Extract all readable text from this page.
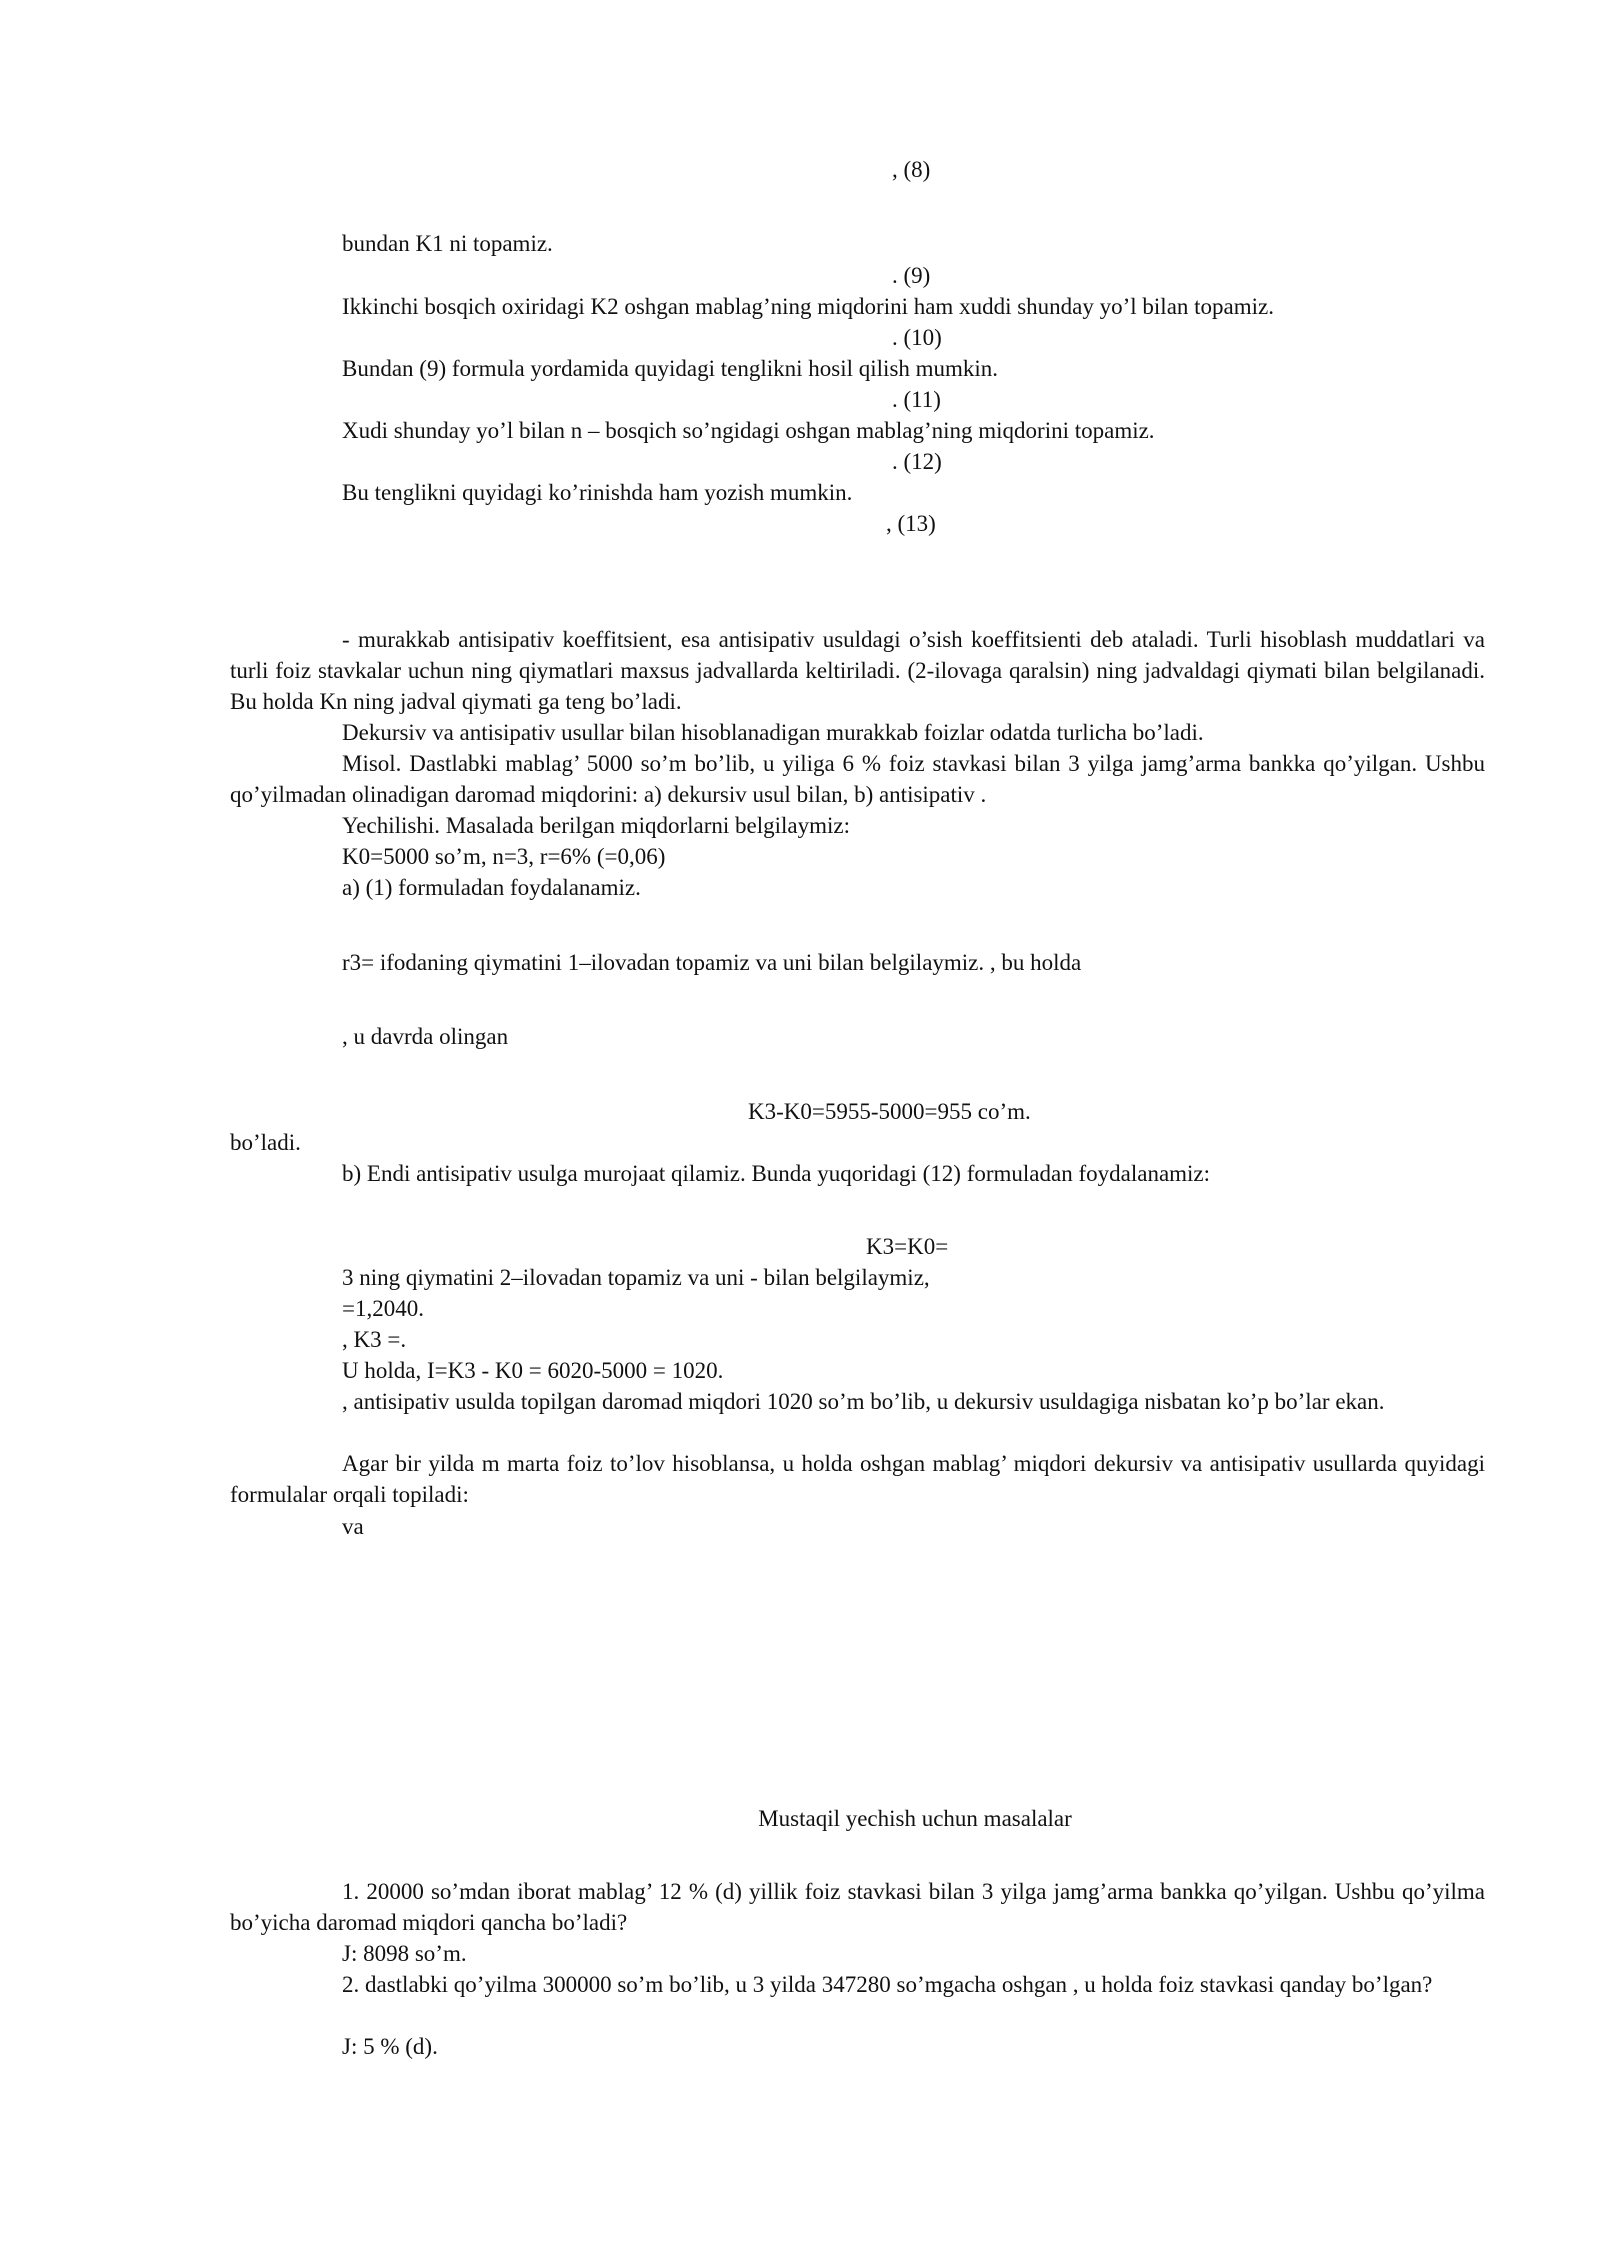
, (8)
bundan K1 ni topamiz.
. (9)
Ikkinchi bosqich oxiridagi K2 oshgan mablag’ning miqdorini ham xuddi shunday yo’l bilan topamiz.
. (10)
Bundan (9) formula yordamida quyidagi tenglikni hosil qilish mumkin.
. (11)
Xudi shunday yo’l bilan n – bosqich so’ngidagi oshgan mablag’ning miqdorini topamiz.
. (12)
Bu tenglikni quyidagi ko’rinishda ham yozish mumkin.
, (13)
- murakkab antisipativ koeffitsient, esa antisipativ usuldagi o’sish koeffitsienti deb ataladi. Turli hisoblash muddatlari va turli foiz stavkalar uchun ning qiymatlari maxsus jadvallarda keltiriladi. (2-ilovaga qaralsin) ning jadvaldagi qiymati bilan belgilanadi. Bu holda Kn ning jadval qiymati ga teng bo’ladi.
Dekursiv va antisipativ usullar bilan hisoblanadigan murakkab foizlar odatda turlicha bo’ladi.
Misol. Dastlabki mablag’ 5000 so’m bo’lib, u yiliga 6 % foiz stavkasi bilan 3 yilga jamg’arma bankka qo’yilgan. Ushbu qo’yilmadan olinadigan daromad miqdorini: a) dekursiv usul bilan, b) antisipativ .
Yechilishi. Masalada berilgan miqdorlarni belgilaymiz:
K0=5000 so’m, n=3, r=6% (=0,06)
a) (1) formuladan foydalanamiz.
r3= ifodaning qiymatini 1–ilovadan topamiz va uni bilan belgilaymiz. , bu holda
, u davrda olingan
K3-K0=5955-5000=955 co’m.
bo’ladi.
b) Endi antisipativ usulga murojaat qilamiz. Bunda yuqoridagi (12) formuladan foydalanamiz:
K3=K0=
3 ning qiymatini 2–ilovadan topamiz va uni - bilan belgilaymiz,
=1,2040.
, K3 =.
U holda, I=K3 - K0 = 6020-5000 = 1020.
, antisipativ usulda topilgan daromad miqdori 1020 so’m bo’lib, u dekursiv usuldagiga nisbatan ko’p bo’lar ekan.
Agar bir yilda m marta foiz to’lov hisoblansa, u holda oshgan mablag’ miqdori dekursiv va antisipativ usullarda quyidagi formulalar orqali topiladi:
va
Mustaqil yechish uchun masalalar
1. 20000 so’mdan iborat mablag’ 12 % (d) yillik foiz stavkasi bilan 3 yilga jamg’arma bankka qo’yilgan. Ushbu qo’yilma bo’yicha daromad miqdori qancha bo’ladi?
J: 8098 so’m.
2. dastlabki qo’yilma 300000 so’m bo’lib, u 3 yilda 347280 so’mgacha oshgan , u holda foiz stavkasi qanday bo’lgan?
J: 5 % (d).
